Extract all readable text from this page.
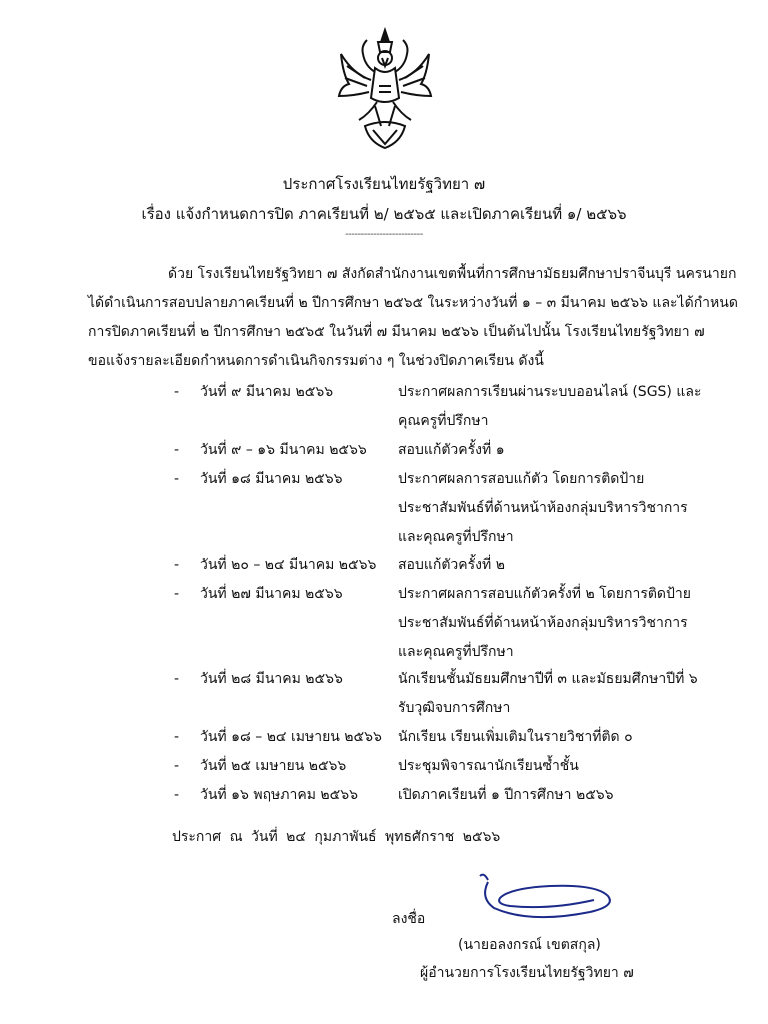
ประกาศโรงเรียนไทยรัฐวิทยา ๗
เรื่อง แจ้งกำหนดการปิด ภาคเรียนที่ ๒/ ๒๕๖๕ และเปิดภาคเรียนที่ ๑/ ๒๕๖๖
-------------------------
ด้วย โรงเรียนไทยรัฐวิทยา ๗ สังกัดสำนักงานเขตพื้นที่การศึกษามัธยมศึกษาปราจีนบุรี นครนายก
ได้ดำเนินการสอบปลายภาคเรียนที่ ๒ ปีการศึกษา ๒๕๖๕ ในระหว่างวันที่ ๑ – ๓ มีนาคม ๒๕๖๖ และได้กำหนด
การปิดภาคเรียนที่ ๒ ปีการศึกษา ๒๕๖๕ ในวันที่ ๗ มีนาคม ๒๕๖๖ เป็นต้นไปนั้น โรงเรียนไทยรัฐวิทยา ๗
ขอแจ้งรายละเอียดกำหนดการดำเนินกิจกรรมต่าง ๆ ในช่วงปิดภาคเรียน ดังนี้
- วันที่ ๙ มีนาคม ๒๕๖๖	ประกาศผลการเรียนผ่านระบบออนไลน์ (SGS) และ
คุณครูที่ปรึกษา
- วันที่ ๙ – ๑๖ มีนาคม ๒๕๖๖ สอบแก้ตัวครั้งที่ ๑
- วันที่ ๑๘ มีนาคม ๒๕๖๖	ประกาศผลการสอบแก้ตัว โดยการติดป้าย
ประชาสัมพันธ์ที่ด้านหน้าห้องกลุ่มบริหารวิชาการ
และคุณครูที่ปรึกษา
- วันที่ ๒๐ – ๒๔ มีนาคม ๒๕๖๖ สอบแก้ตัวครั้งที่ ๒
- วันที่ ๒๗ มีนาคม ๒๕๖๖	ประกาศผลการสอบแก้ตัวครั้งที่ ๒ โดยการติดป้าย
ประชาสัมพันธ์ที่ด้านหน้าห้องกลุ่มบริหารวิชาการ
และคุณครูที่ปรึกษา
- วันที่ ๒๘ มีนาคม ๒๕๖๖	นักเรียนชั้นมัธยมศึกษาปีที่ ๓ และมัธยมศึกษาปีที่ ๖
รับวุฒิจบการศึกษา
- วันที่ ๑๘ – ๒๔ เมษายน ๒๕๖๖ นักเรียน เรียนเพิ่มเติมในรายวิชาที่ติด ๐
- วันที่ ๒๕ เมษายน ๒๕๖๖	ประชุมพิจารณานักเรียนซ้ำชั้น
- วันที่ ๑๖ พฤษภาคม ๒๕๖๖	เปิดภาคเรียนที่ ๑ ปีการศึกษา ๒๕๖๖
ประกาศ ณ วันที่ ๒๔ กุมภาพันธ์ พุทธศักราช ๒๕๖๖
ลงชื่อ
(นายอลงกรณ์ เขตสกุล)
ผู้อำนวยการโรงเรียนไทยรัฐวิทยา ๗
